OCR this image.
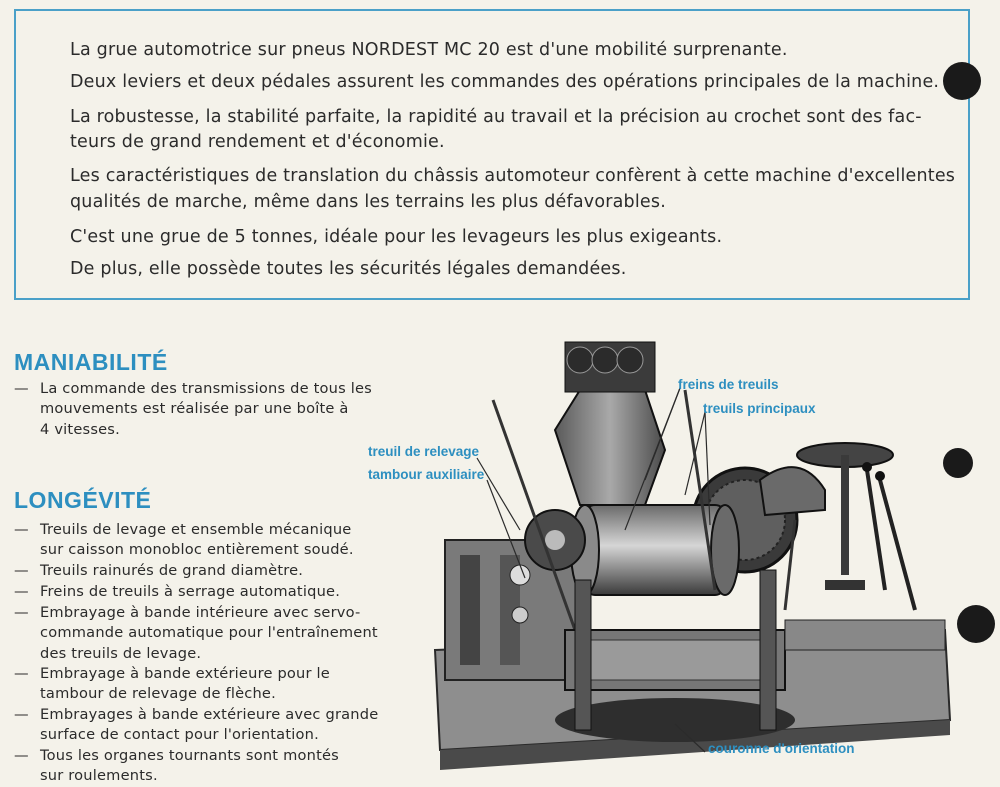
La grue automotrice sur pneus NORDEST MC 20 est d'une mobilité surprenante.
Deux leviers et deux pédales assurent les commandes des opérations principales de la machine.
La robustesse, la stabilité parfaite, la rapidité au travail et la précision au crochet sont des fac-
teurs de grand rendement et d'économie.
Les caractéristiques de translation du châssis automoteur confèrent à cette machine d'excellentes
qualités de marche, même dans les terrains les plus défavorables.
C'est une grue de 5 tonnes, idéale pour les levageurs les plus exigeants.
De plus, elle possède toutes les sécurités légales demandées.
MANIABILITÉ
— La commande des transmissions de tous les
mouvements est réalisée par une boîte à
4 vitesses.
LONGÉVITÉ
— Treuils de levage et ensemble mécanique
sur caisson monobloc entièrement soudé.
— Treuils rainurés de grand diamètre.
— Freins de treuils à serrage automatique.
— Embrayage à bande intérieure avec servo-
commande automatique pour l'entraînement
des treuils de levage.
— Embrayage à bande extérieure pour le
tambour de relevage de flèche.
— Embrayages à bande extérieure avec grande
surface de contact pour l'orientation.
— Tous les organes tournants sont montés
sur roulements.
freins de treuils
treuils principaux
treuil de relevage
tambour auxiliaire
couronne d'orientation
